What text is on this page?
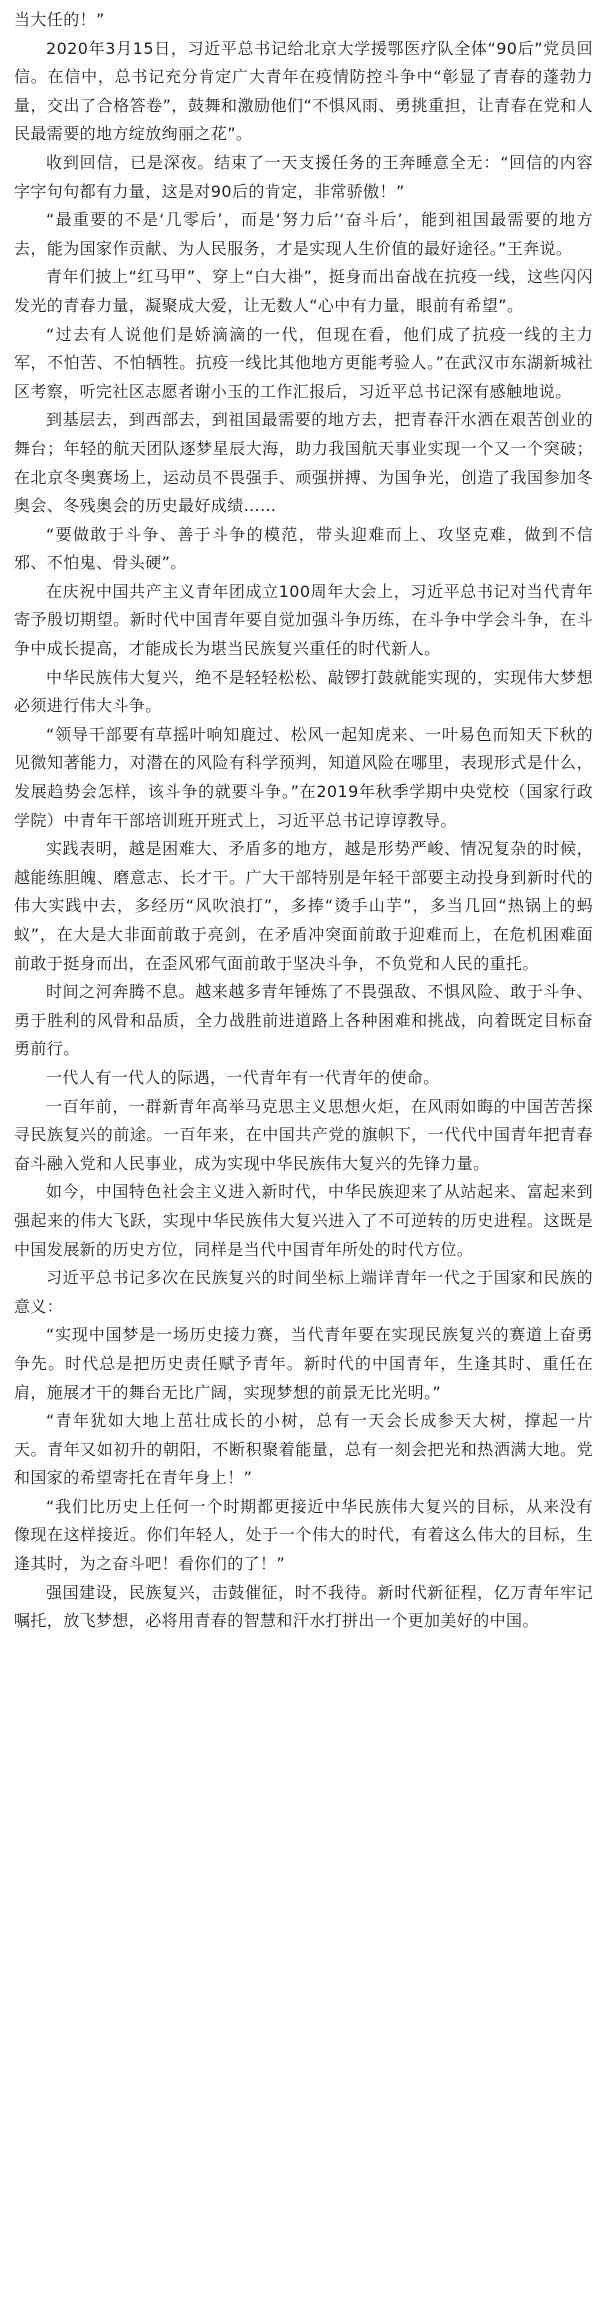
当大任的！”

2020年3月15日，习近平总书记给北京大学援鄂医疗队全体“90后”党员回信。在信中，总书记充分肯定广大青年在疫情防控斗争中“彰显了青春的蓬勃力量，交出了合格答卷”，鼓舞和激励他们“不惧风雨、勇挑重担，让青春在党和人民最需要的地方绽放绚丽之花”。

收到回信，已是深夜。结束了一天支援任务的王奔睡意全无：“回信的内容字字句句都有力量，这是对90后的肯定，非常骄傲！”

“最重要的不是‘几零后’，而是‘努力后’‘奋斗后’，能到祖国最需要的地方去，能为国家作贡献、为人民服务，才是实现人生价值的最好途径。”王奔说。

青年们披上“红马甲”、穿上“白大褂”，挺身而出奋战在抗疫一线，这些闪闪发光的青春力量，凝聚成大爱，让无数人“心中有力量，眼前有希望”。

“过去有人说他们是娇滴滴的一代，但现在看，他们成了抗疫一线的主力军，不怕苦、不怕牺牲。抗疫一线比其他地方更能考验人。”在武汉市东湖新城社区考察，听完社区志愿者谢小玉的工作汇报后，习近平总书记深有感触地说。

到基层去，到西部去，到祖国最需要的地方去，把青春汗水洒在艰苦创业的舞台；年轻的航天团队逐梦星辰大海，助力我国航天事业实现一个又一个突破；在北京冬奥赛场上，运动员不畏强手、顽强拼搏、为国争光，创造了我国参加冬奥会、冬残奥会的历史最好成绩……

“要做敢于斗争、善于斗争的模范，带头迎难而上、攻坚克难，做到不信邪、不怕鬼、骨头硬”。

在庆祝中国共产主义青年团成立100周年大会上，习近平总书记对当代青年寄予殷切期望。新时代中国青年要自觉加强斗争历练，在斗争中学会斗争，在斗争中成长提高，才能成长为堪当民族复兴重任的时代新人。

中华民族伟大复兴，绝不是轻轻松松、敲锣打鼓就能实现的，实现伟大梦想必须进行伟大斗争。

“领导干部要有草摇叶响知鹿过、松风一起知虎来、一叶易色而知天下秋的见微知著能力，对潜在的风险有科学预判，知道风险在哪里，表现形式是什么，发展趋势会怎样，该斗争的就要斗争。”在2019年秋季学期中央党校（国家行政学院）中青年干部培训班开班式上，习近平总书记谆谆教导。

实践表明，越是困难大、矛盾多的地方，越是形势严峻、情况复杂的时候，越能练胆魄、磨意志、长才干。广大干部特别是年轻干部要主动投身到新时代的伟大实践中去，多经历“风吹浪打”，多捧“烫手山芋”，多当几回“热锅上的蚂蚁”，在大是大非面前敢于亮剑，在矛盾冲突面前敢于迎难而上，在危机困难面前敢于挺身而出，在歪风邪气面前敢于坚决斗争，不负党和人民的重托。

时间之河奔腾不息。越来越多青年锤炼了不畏强敌、不惧风险、敢于斗争、勇于胜利的风骨和品质，全力战胜前进道路上各种困难和挑战，向着既定目标奋勇前行。

一代人有一代人的际遇，一代青年有一代青年的使命。

一百年前，一群新青年高举马克思主义思想火炬，在风雨如晦的中国苦苦探寻民族复兴的前途。一百年来，在中国共产党的旗帜下，一代代中国青年把青春奋斗融入党和人民事业，成为实现中华民族伟大复兴的先锋力量。

如今，中国特色社会主义进入新时代，中华民族迎来了从站起来、富起来到强起来的伟大飞跃，实现中华民族伟大复兴进入了不可逆转的历史进程。这既是中国发展新的历史方位，同样是当代中国青年所处的时代方位。

习近平总书记多次在民族复兴的时间坐标上端详青年一代之于国家和民族的意义：

“实现中国梦是一场历史接力赛，当代青年要在实现民族复兴的赛道上奋勇争先。时代总是把历史责任赋予青年。新时代的中国青年，生逢其时、重任在肩，施展才干的舞台无比广阔，实现梦想的前景无比光明。”

“青年犹如大地上茁壮成长的小树，总有一天会长成参天大树，撑起一片天。青年又如初升的朝阳，不断积聚着能量，总有一刻会把光和热洒满大地。党和国家的希望寄托在青年身上！”

“我们比历史上任何一个时期都更接近中华民族伟大复兴的目标，从来没有像现在这样接近。你们年轻人，处于一个伟大的时代，有着这么伟大的目标，生逢其时，为之奋斗吧！看你们的了！”

强国建设，民族复兴，击鼓催征，时不我待。新时代新征程，亿万青年牢记嘱托，放飞梦想，必将用青春的智慧和汗水打拼出一个更加美好的中国。
